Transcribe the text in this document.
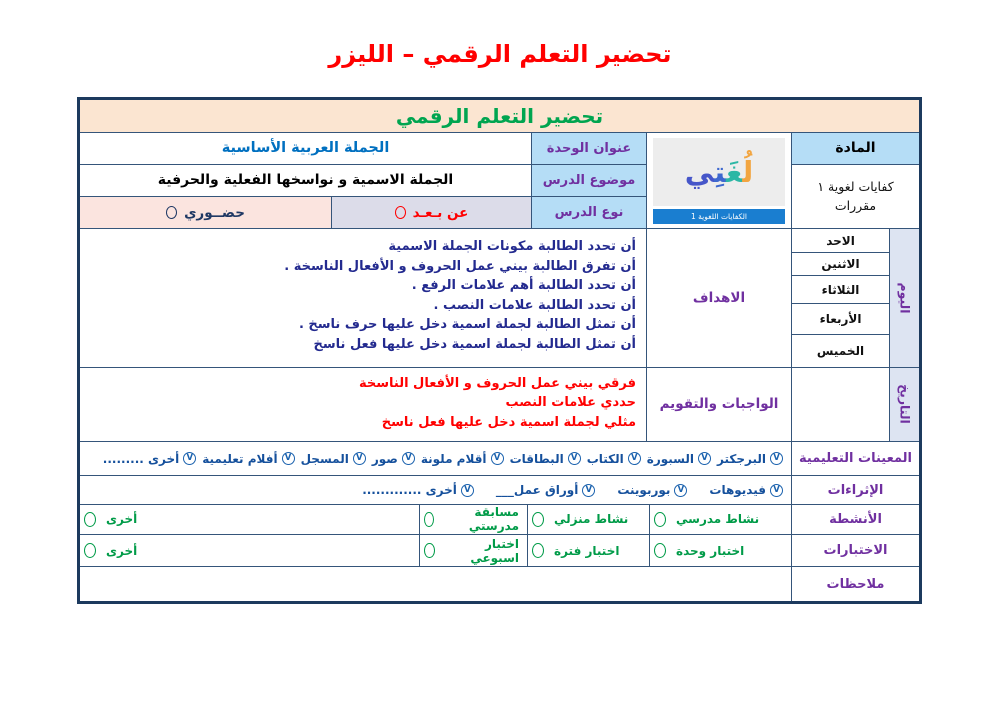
تحضير التعلم الرقمي – الليزر
تحضير التعلم الرقمي
المادة
كفايات لغوية ١
مقررات
لُغَتِي
الكفايات اللغوية 1
عنوان الوحدة
موضوع الدرس
نوع الدرس
الجملة العربية الأساسية
الجملة الاسمية و نواسخها الفعلية والحرفية
عن بـعـد
حضــوري
اليوم
الاحد
الاثنين
الثلاثاء
الأربعاء
الخميس
الاهداف
أن تحدد الطالبة مكونات الجملة الاسمية
أن تفرق الطالبة بيني عمل الحروف و الأفعال الناسخة .
أن تحدد الطالبة أهم علامات الرفع .
أن تحدد الطالبة علامات النصب .
أن تمثل الطالبة لجملة اسمية دخل عليها حرف ناسخ .
أن تمثل الطالبة لجملة اسمية دخل عليها فعل ناسخ
التاريخ
الواجبات والتقويم
فرقي بيني عمل الحروف و الأفعال الناسخة
حددي علامات النصب
مثلي لجملة اسمية دخل عليها فعل ناسخ
المعينات التعليمية
V
البرجكتر
V
السبورة
V
الكتاب
V
البطاقات
V
أقلام ملونة
V
صور
V
المسجل
V
أفلام تعليمية
V
أخرى .........
الإثراءات
V
فيديوهات
V
بوربوينت
V
أوراق عمل___
V
أخرى .............
الأنشطة
نشاط مدرسي
نشاط منزلي
مسابقة مدرستي
أخرى
الاختبارات
اختبار وحدة
اختبار فترة
اختبار اسبوعي
أخرى
ملاحظات
